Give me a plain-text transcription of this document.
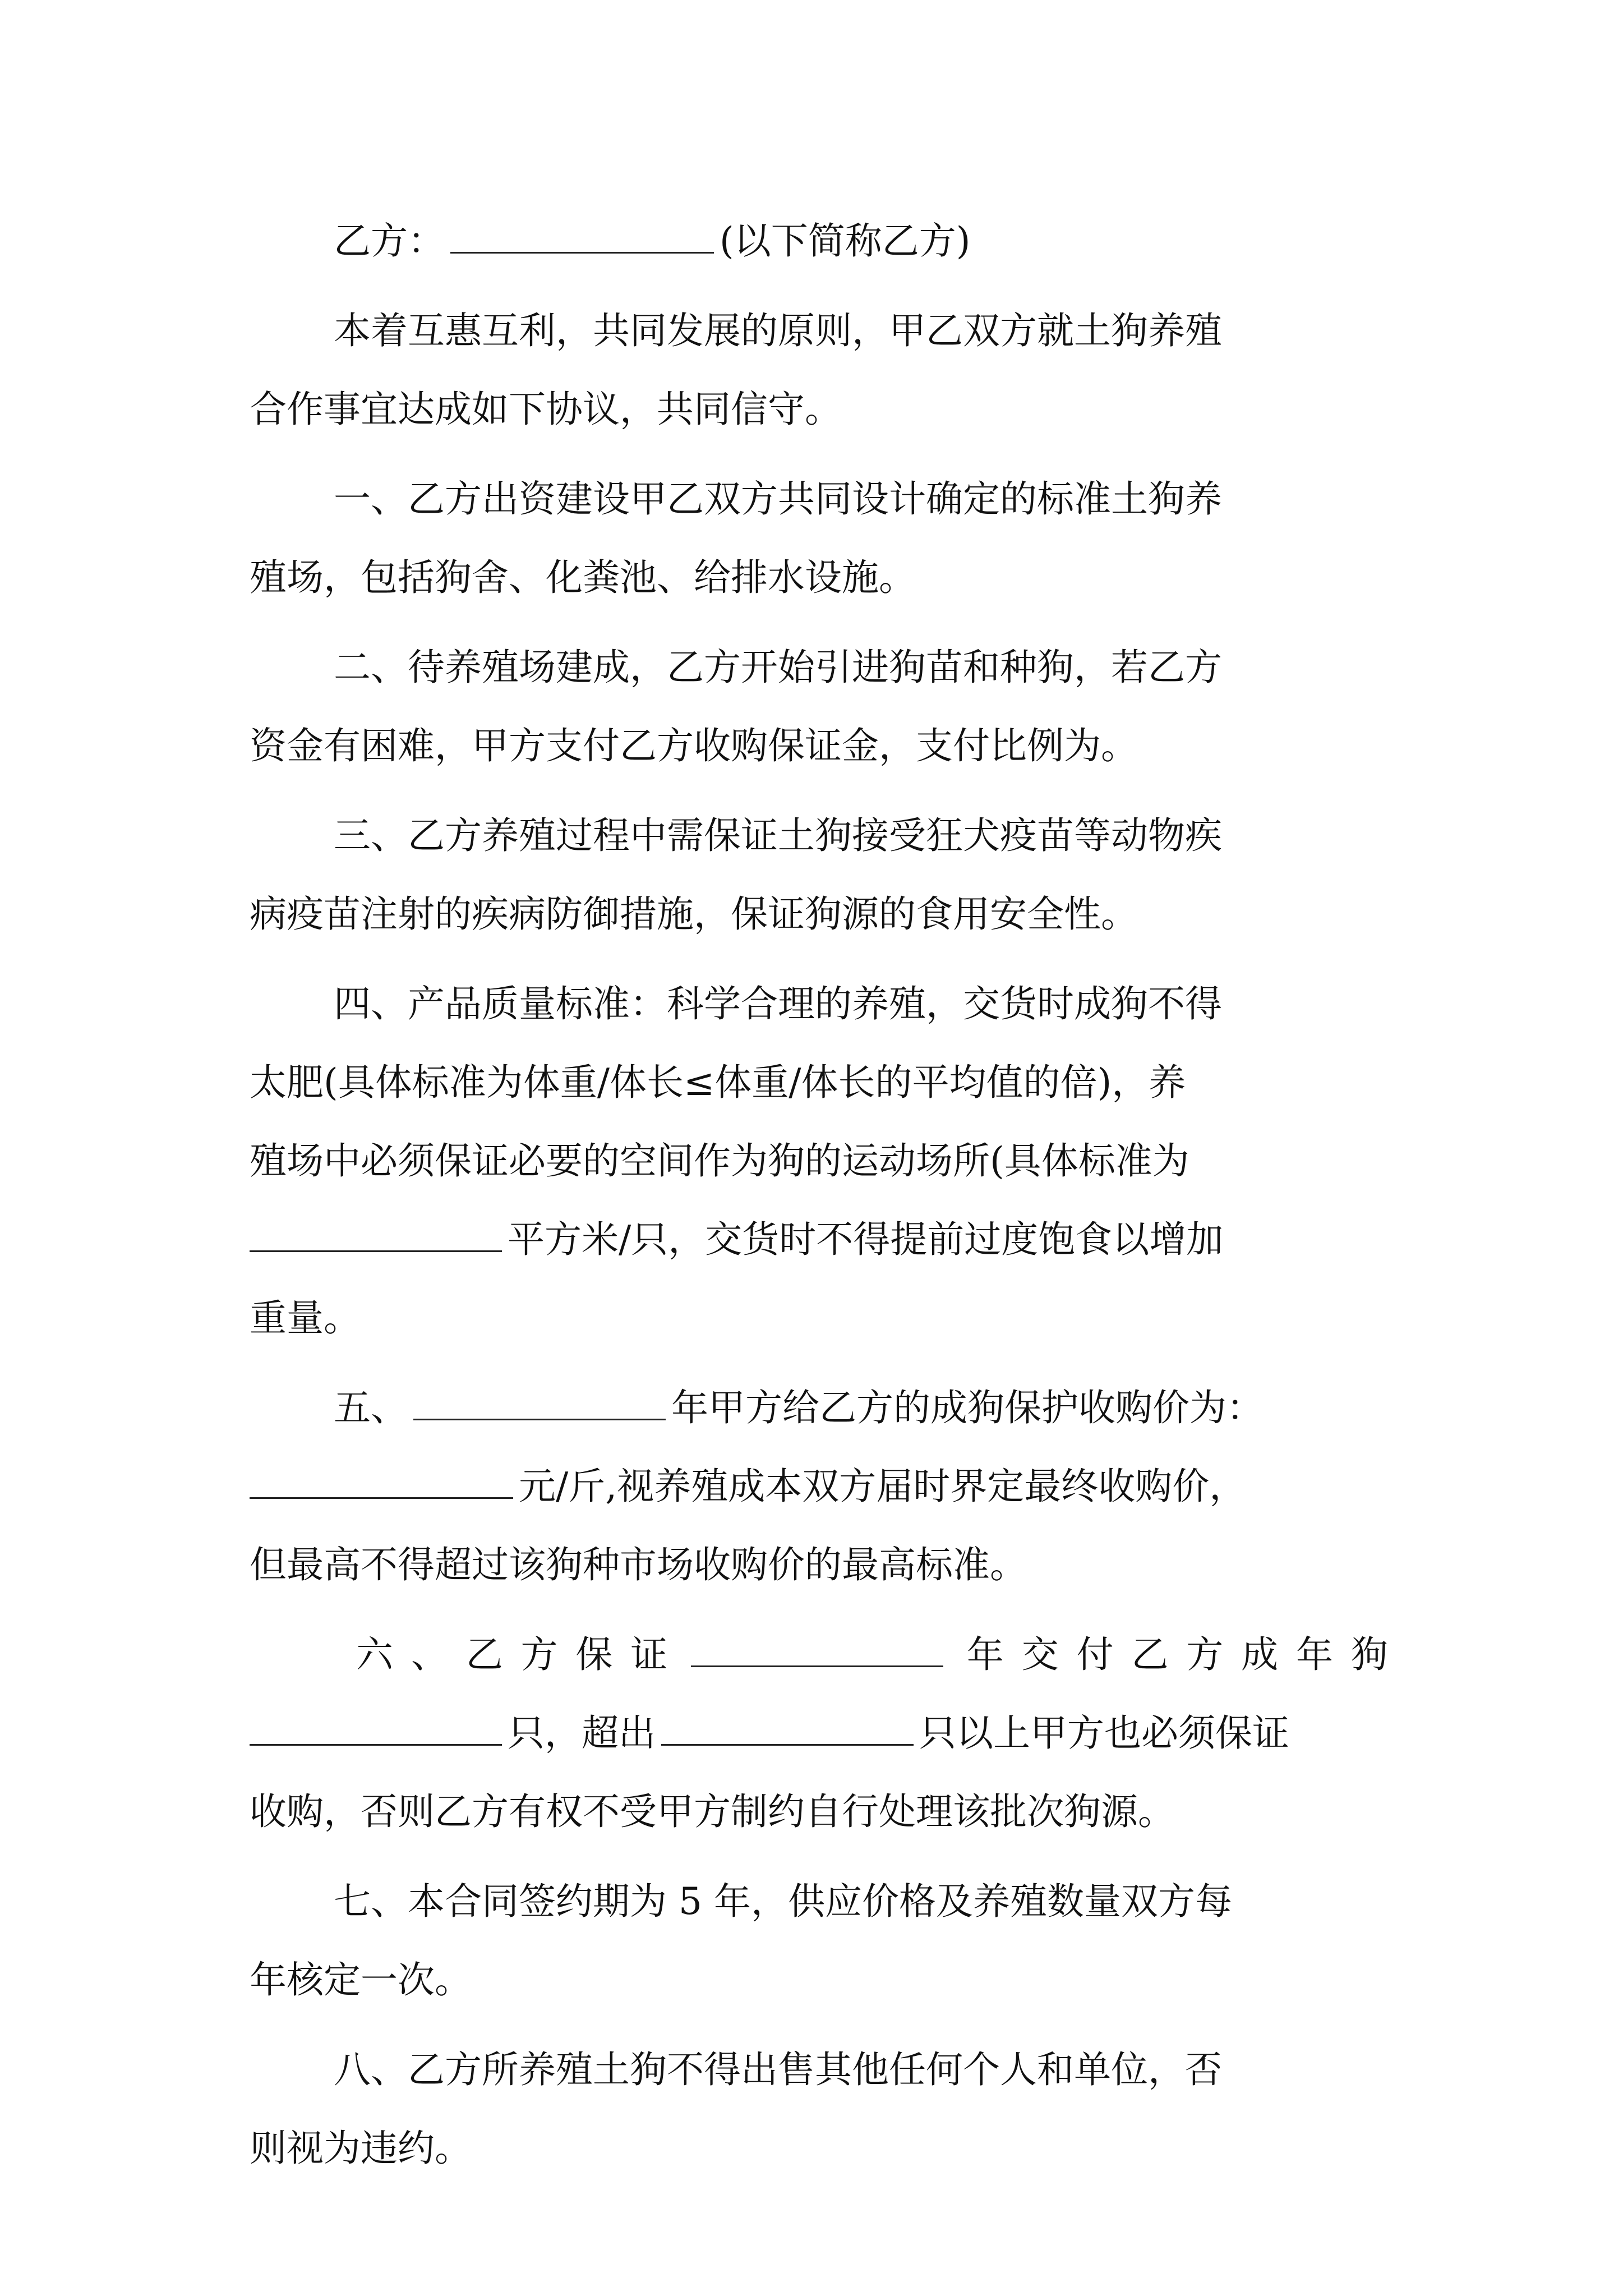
乙方：	(以下简称乙方)
本着互惠互利，共同发展的原则，甲乙双方就土狗养殖
合作事宜达成如下协议，共同信守。
一、乙方出资建设甲乙双方共同设计确定的标准土狗养
殖场，包括狗舍、化粪池、给排水设施。
二、待养殖场建成，乙方开始引进狗苗和种狗，若乙方
资金有困难，甲方支付乙方收购保证金，支付比例为。
三、乙方养殖过程中需保证土狗接受狂犬疫苗等动物疾
病疫苗注射的疾病防御措施，保证狗源的食用安全性。
四、产品质量标准：科学合理的养殖，交货时成狗不得
太肥(具体标准为体重/体长≤体重/体长的平均值的倍)，养
殖场中必须保证必要的空间作为狗的运动场所(具体标准为
平方米/只，交货时不得提前过度饱食以增加
重量。
五、	年甲方给乙方的成狗保护收购价为：
元/斤,视养殖成本双方届时界定最终收购价，
但最高不得超过该狗种市场收购价的最高标准。
六 、 乙 方 保 证	年 交 付 乙 方 成 年 狗
只，超出	只以上甲方也必须保证
收购，否则乙方有权不受甲方制约自行处理该批次狗源。
七、本合同签约期为 5 年，供应价格及养殖数量双方每
年核定一次。
八、乙方所养殖土狗不得出售其他任何个人和单位，否
则视为违约。
